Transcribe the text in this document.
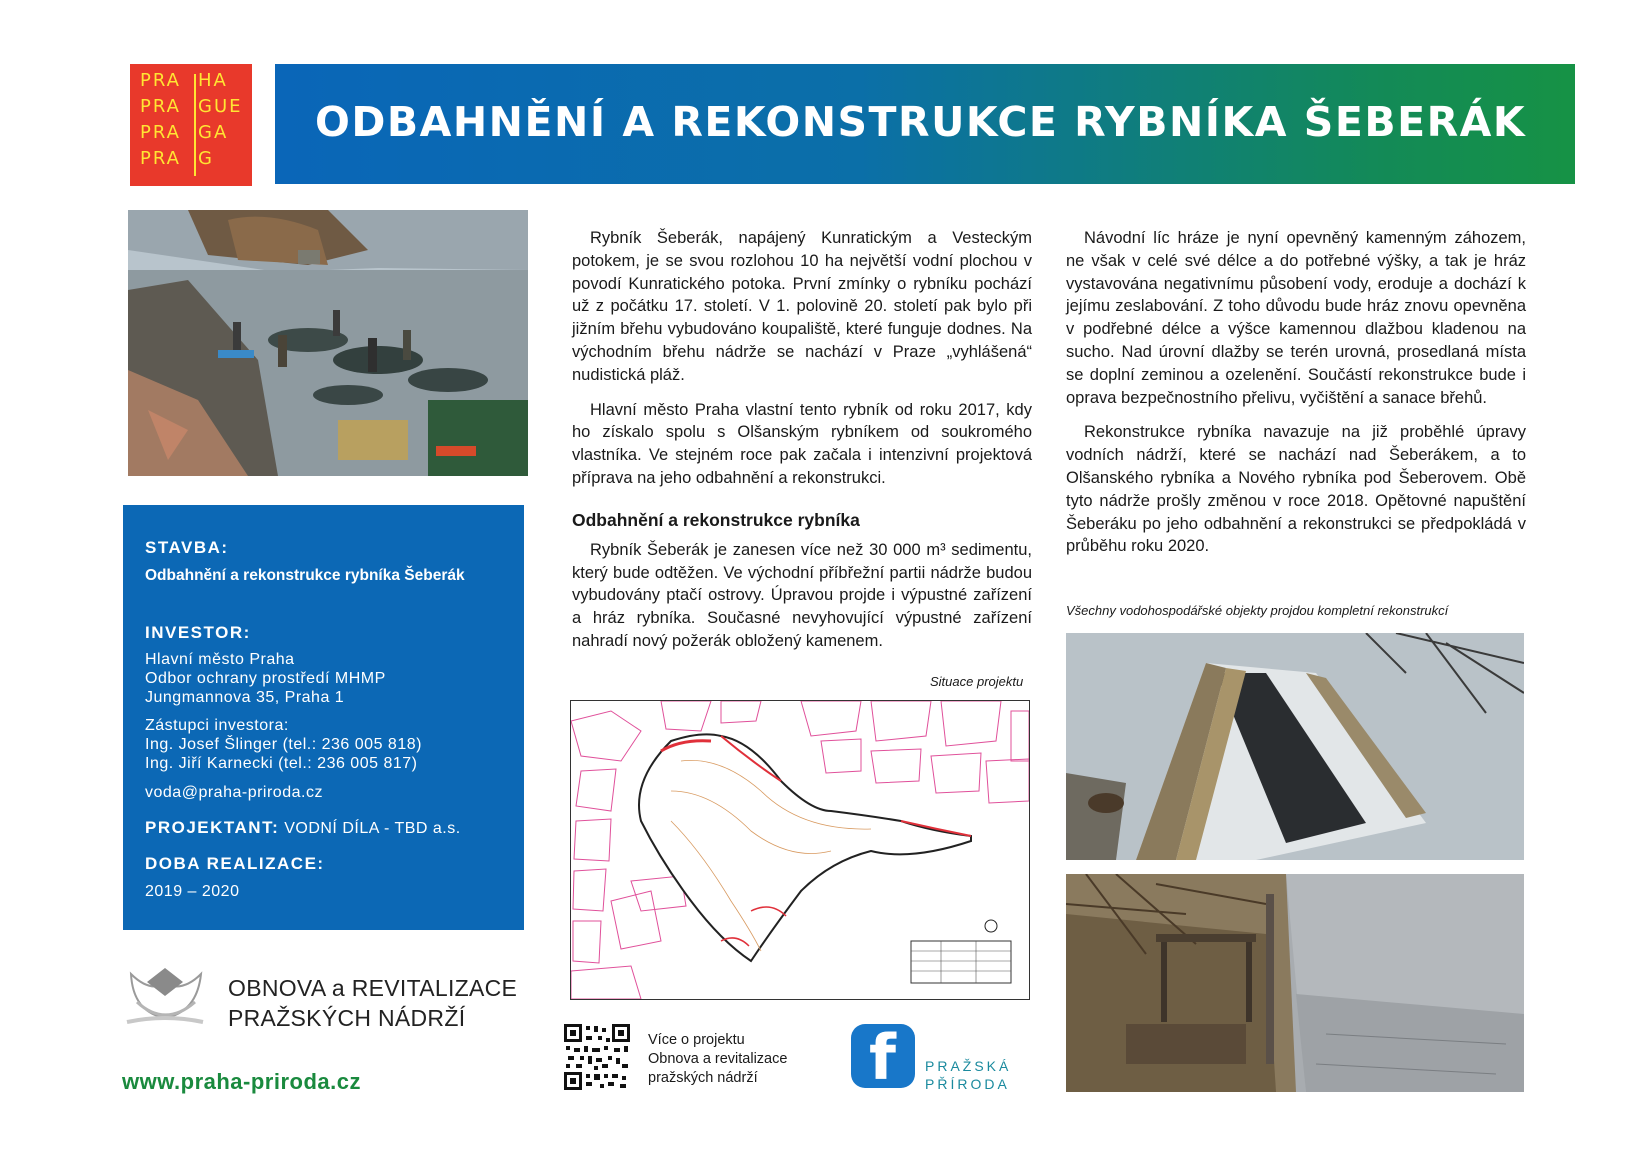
PRA HA
PRA GUE
PRA GA
PRA G
ODBAHNĚNÍ A REKONSTRUKCE RYBNÍKA ŠEBERÁK
STAVBA:
Odbahnění a rekonstrukce rybníka Šeberák
INVESTOR:
Hlavní město Praha
Odbor ochrany prostředí MHMP
Jungmannova 35, Praha 1
Zástupci investora:
Ing. Josef Šlinger (tel.: 236 005 818)
Ing. Jiří Karnecki (tel.: 236 005 817)
voda@praha-priroda.cz
PROJEKTANT: VODNÍ DÍLA - TBD a.s.
DOBA REALIZACE:
2019 – 2020
OBNOVA a REVITALIZACE
PRAŽSKÝCH NÁDRŽÍ
www.praha-priroda.cz

Rybník Šeberák, napájený Kunratickým a Vesteckým potokem, je se svou rozlohou 10 ha největší vodní plochou v povodí Kunratického potoka. První zmínky o rybníku pochází už z počátku 17. století. V 1. polovině 20. století pak bylo při jižním břehu vybudováno koupaliště, které funguje dodnes. Na východním břehu nádrže se nachází v Praze „vyhlášená“ nudistická pláž.

Hlavní město Praha vlastní tento rybník od roku 2017, kdy ho získalo spolu s Olšanským rybníkem od soukromého vlastníka. Ve stejném roce pak začala i intenzivní projektová příprava na jeho odbahnění a rekonstrukci.

Odbahnění a rekonstrukce rybníka

Rybník Šeberák je zanesen více než 30 000 m³ sedimentu, který bude odtěžen. Ve východní příbřežní partii nádrže budou vybudovány ptačí ostrovy. Úpravou projde i výpustné zařízení a hráz rybníka. Současné nevyhovující výpustné zařízení nahradí nový požerák obložený kamenem.

Situace projektu

Návodní líc hráze je nyní opevněný kamenným záhozem, ne však v celé své délce a do potřebné výšky, a tak je hráz vystavována negativnímu působení vody, eroduje a dochází k jejímu zeslabování. Z toho důvodu bude hráz znovu opevněna v podřebné délce a výšce kamennou dlažbou kladenou na sucho. Nad úrovní dlažby se terén urovná, prosedlaná místa se doplní zeminou a ozelenění. Součástí rekonstrukce bude i oprava bezpečnostního přelivu, vyčištění a sanace břehů.

Rekonstrukce rybníka navazuje na již proběhlé úpravy vodních nádrží, které se nachází nad Šeberákem, a to Olšanského rybníka a Nového rybníka pod Šeberovem. Obě tyto nádrže prošly změnou v roce 2018. Opětovné napuštění Šeberáku po jeho odbahnění a rekonstrukci se předpokládá v průběhu roku 2020.

Všechny vodohospodářské objekty projdou kompletní rekonstrukcí
Více o projektu
Obnova a revitalizace
pražských nádrží f PRAŽSKÁ
PŘÍRODA
